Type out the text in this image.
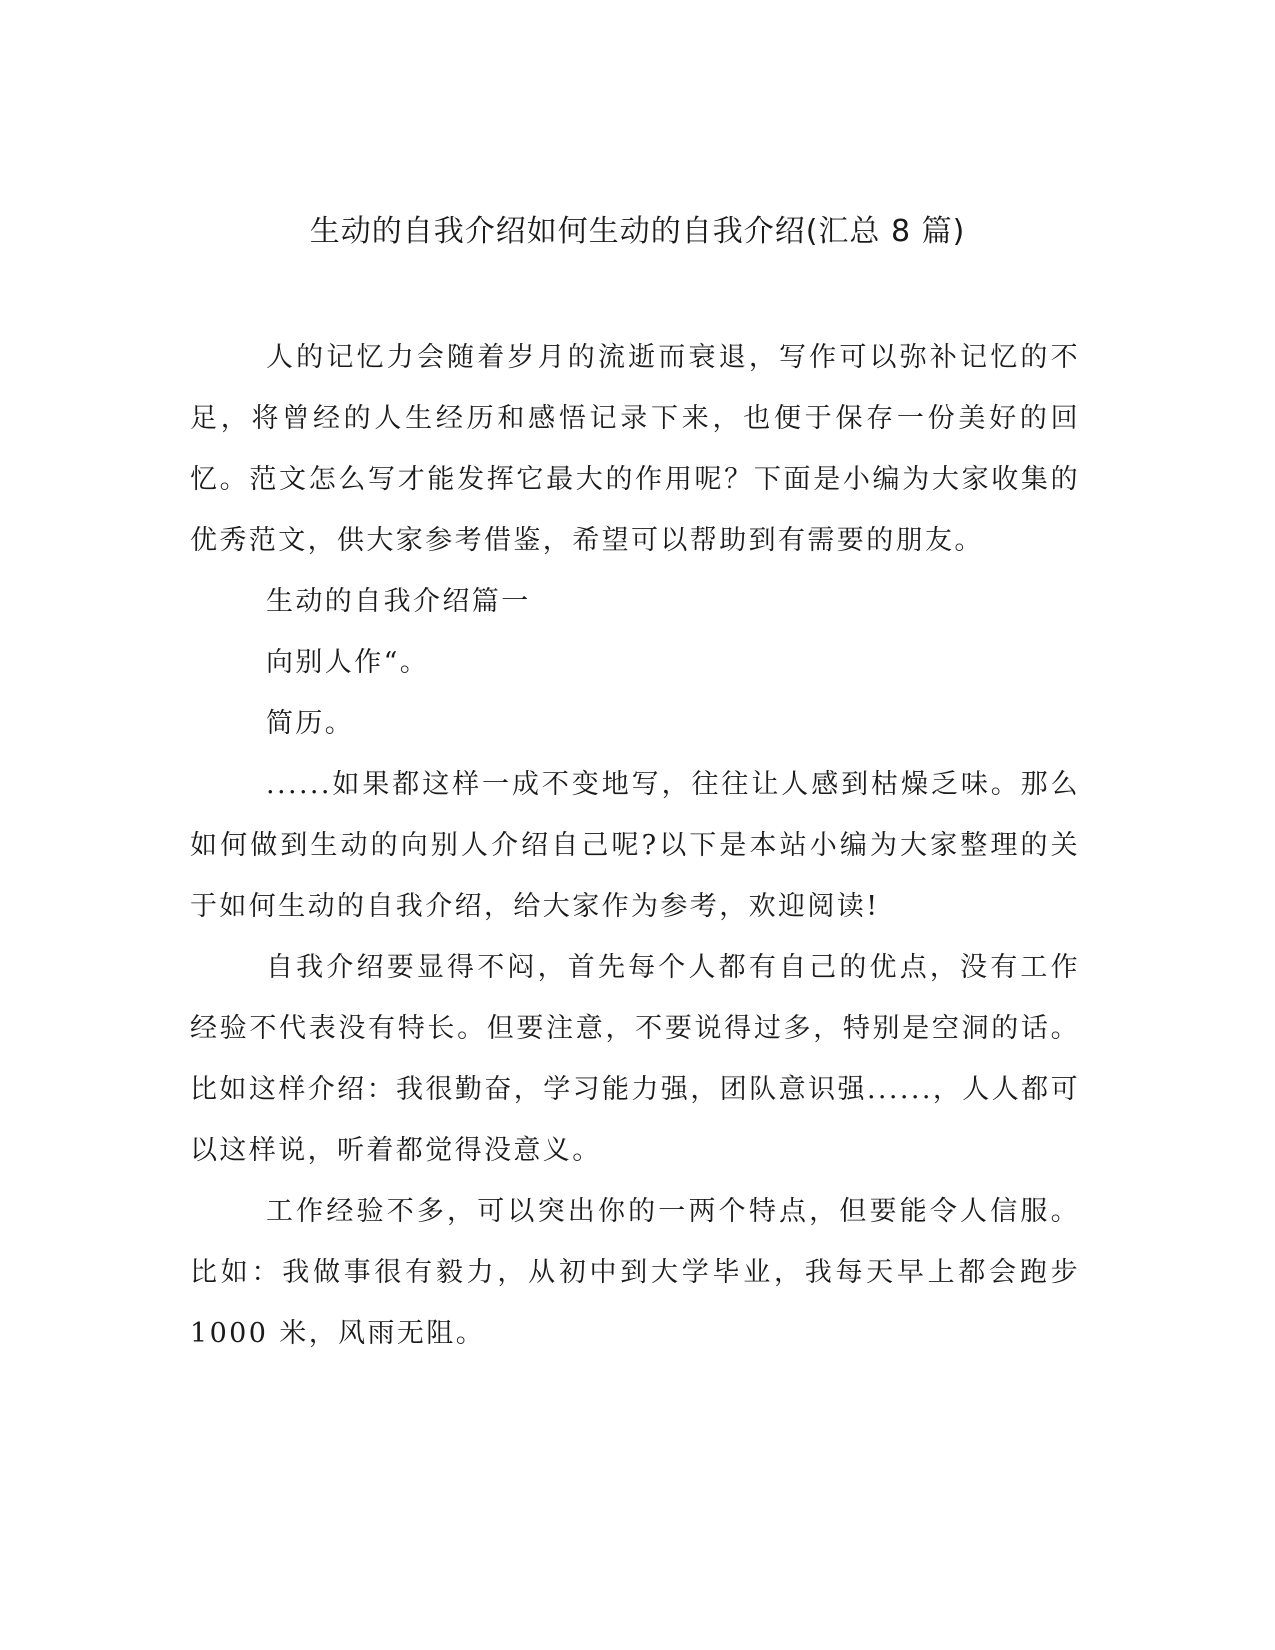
生动的自我介绍如何生动的自我介绍(汇总 8 篇)

人的记忆力会随着岁月的流逝而衰退，写作可以弥补记忆的不足，将曾经的人生经历和感悟记录下来，也便于保存一份美好的回忆。范文怎么写才能发挥它最大的作用呢？下面是小编为大家收集的优秀范文，供大家参考借鉴，希望可以帮助到有需要的朋友。

生动的自我介绍篇一

向别人作“。

简历。

......如果都这样一成不变地写，往往让人感到枯燥乏味。那么如何做到生动的向别人介绍自己呢?以下是本站小编为大家整理的关于如何生动的自我介绍，给大家作为参考，欢迎阅读!

自我介绍要显得不闷，首先每个人都有自己的优点，没有工作经验不代表没有特长。但要注意，不要说得过多，特别是空洞的话。比如这样介绍：我很勤奋，学习能力强，团队意识强......，人人都可以这样说，听着都觉得没意义。

工作经验不多，可以突出你的一两个特点，但要能令人信服。比如：我做事很有毅力，从初中到大学毕业，我每天早上都会跑步 1000 米，风雨无阻。
